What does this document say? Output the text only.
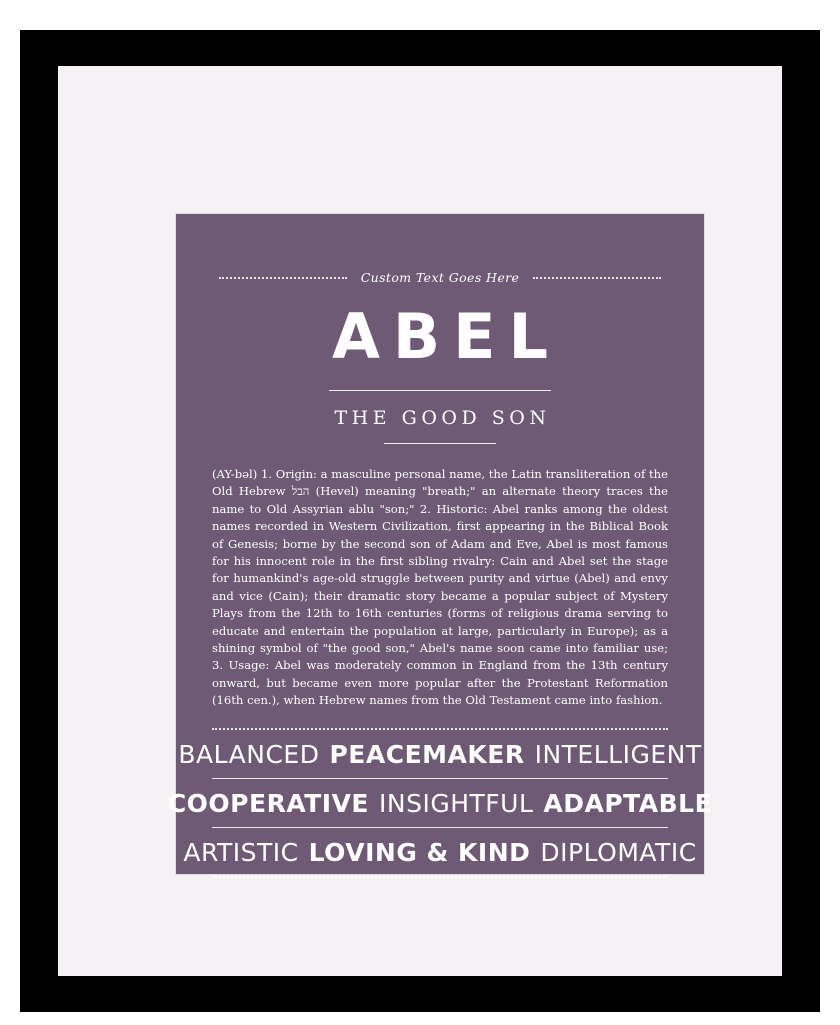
Custom Text Goes Here
ABEL
THE GOOD SON
(AY-bəl) 1. Origin: a masculine personal name, the Latin transliteration of the Old Hebrew הבל (Hevel) meaning "breath;" an alternate theory traces the name to Old Assyrian ablu "son;" 2. Historic: Abel ranks among the oldest names recorded in Western Civilization, first appearing in the Biblical Book of Genesis; borne by the second son of Adam and Eve, Abel is most famous for his innocent role in the first sibling rivalry: Cain and Abel set the stage for humankind's age-old struggle between purity and virtue (Abel) and envy and vice (Cain); their dramatic story became a popular subject of Mystery Plays from the 12th to 16th centuries (forms of religious drama serving to educate and entertain the population at large, particularly in Europe); as a shining symbol of "the good son," Abel's name soon came into familiar use; 3. Usage: Abel was moderately common in England from the 13th century onward, but became even more popular after the Protestant Reformation (16th cen.), when Hebrew names from the Old Testament came into fashion.
BALANCED PEACEMAKER INTELLIGENT
COOPERATIVE INSIGHTFUL ADAPTABLE
ARTISTIC LOVING & KIND DIPLOMATIC
